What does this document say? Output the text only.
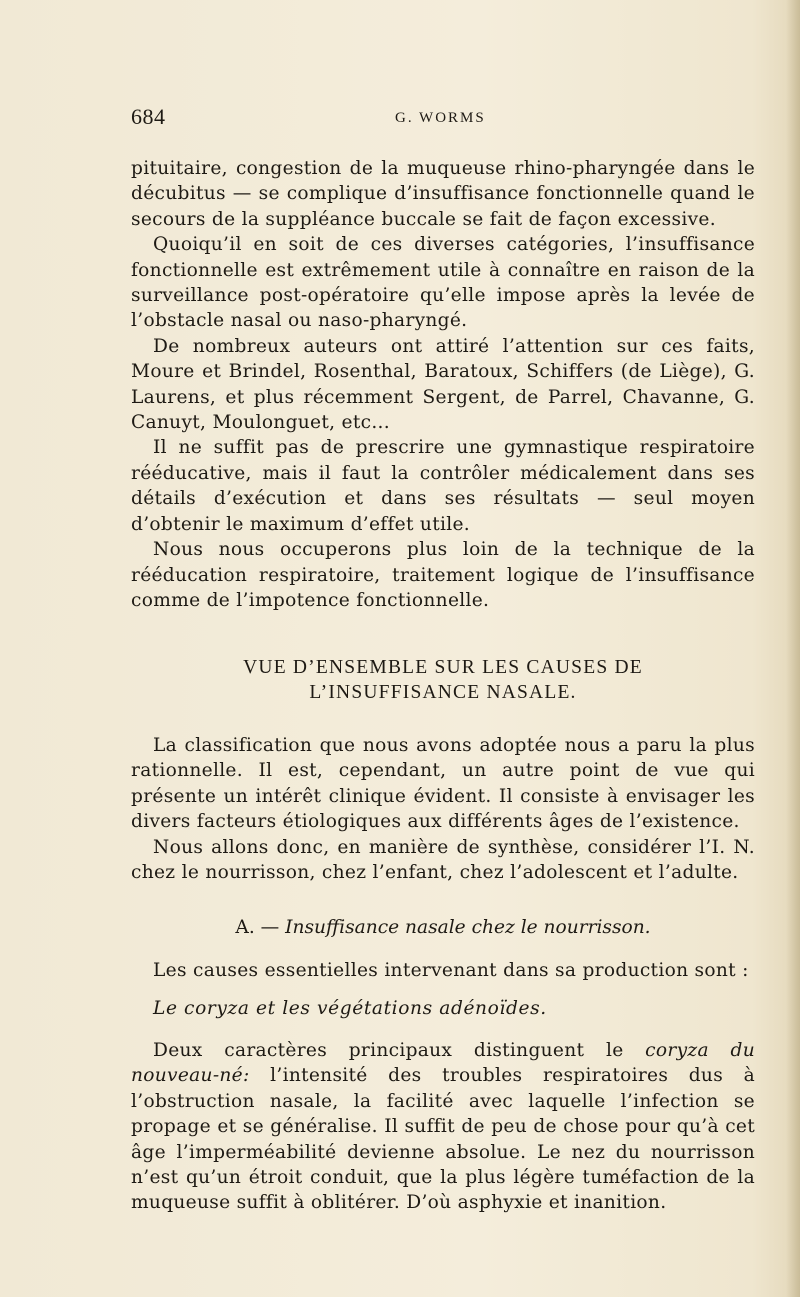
684	G. WORMS

pituitaire, congestion de la muqueuse rhino-pharyngée dans le décubitus — se complique d’insuffisance fonctionnelle quand le secours de la suppléance buccale se fait de façon excessive.

Quoiqu’il en soit de ces diverses catégories, l’insuffisance fonctionnelle est extrêmement utile à connaître en raison de la surveillance post-opératoire qu’elle impose après la levée de l’obstacle nasal ou naso-pharyngé.

De nombreux auteurs ont attiré l’attention sur ces faits, Moure et Brindel, Rosenthal, Baratoux, Schiffers (de Liège), G. Laurens, et plus récemment Sergent, de Parrel, Chavanne, G. Canuyt, Moulonguet, etc...

Il ne suffit pas de prescrire une gymnastique respiratoire rééducative, mais il faut la contrôler médicalement dans ses détails d’exécution et dans ses résultats — seul moyen d’obtenir le maximum d’effet utile.

Nous nous occuperons plus loin de la technique de la rééducation respiratoire, traitement logique de l’insuffisance comme de l’impotence fonctionnelle.

VUE D’ENSEMBLE SUR LES CAUSES DE
L’INSUFFISANCE NASALE.

La classification que nous avons adoptée nous a paru la plus rationnelle. Il est, cependant, un autre point de vue qui présente un intérêt clinique évident. Il consiste à envisager les divers facteurs étiologiques aux différents âges de l’existence.

Nous allons donc, en manière de synthèse, considérer l’I. N. chez le nourrisson, chez l’enfant, chez l’adolescent et l’adulte.

A. — Insuffisance nasale chez le nourrisson.

Les causes essentielles intervenant dans sa production sont :

Le coryza et les végétations adénoïdes.

Deux caractères principaux distinguent le coryza du nouveau-né: l’intensité des troubles respiratoires dus à l’obstruction nasale, la facilité avec laquelle l’infection se propage et se généralise. Il suffit de peu de chose pour qu’à cet âge l’imperméabilité devienne absolue. Le nez du nourrisson n’est qu’un étroit conduit, que la plus légère tuméfaction de la muqueuse suffit à oblitérer. D’où asphyxie et inanition.
